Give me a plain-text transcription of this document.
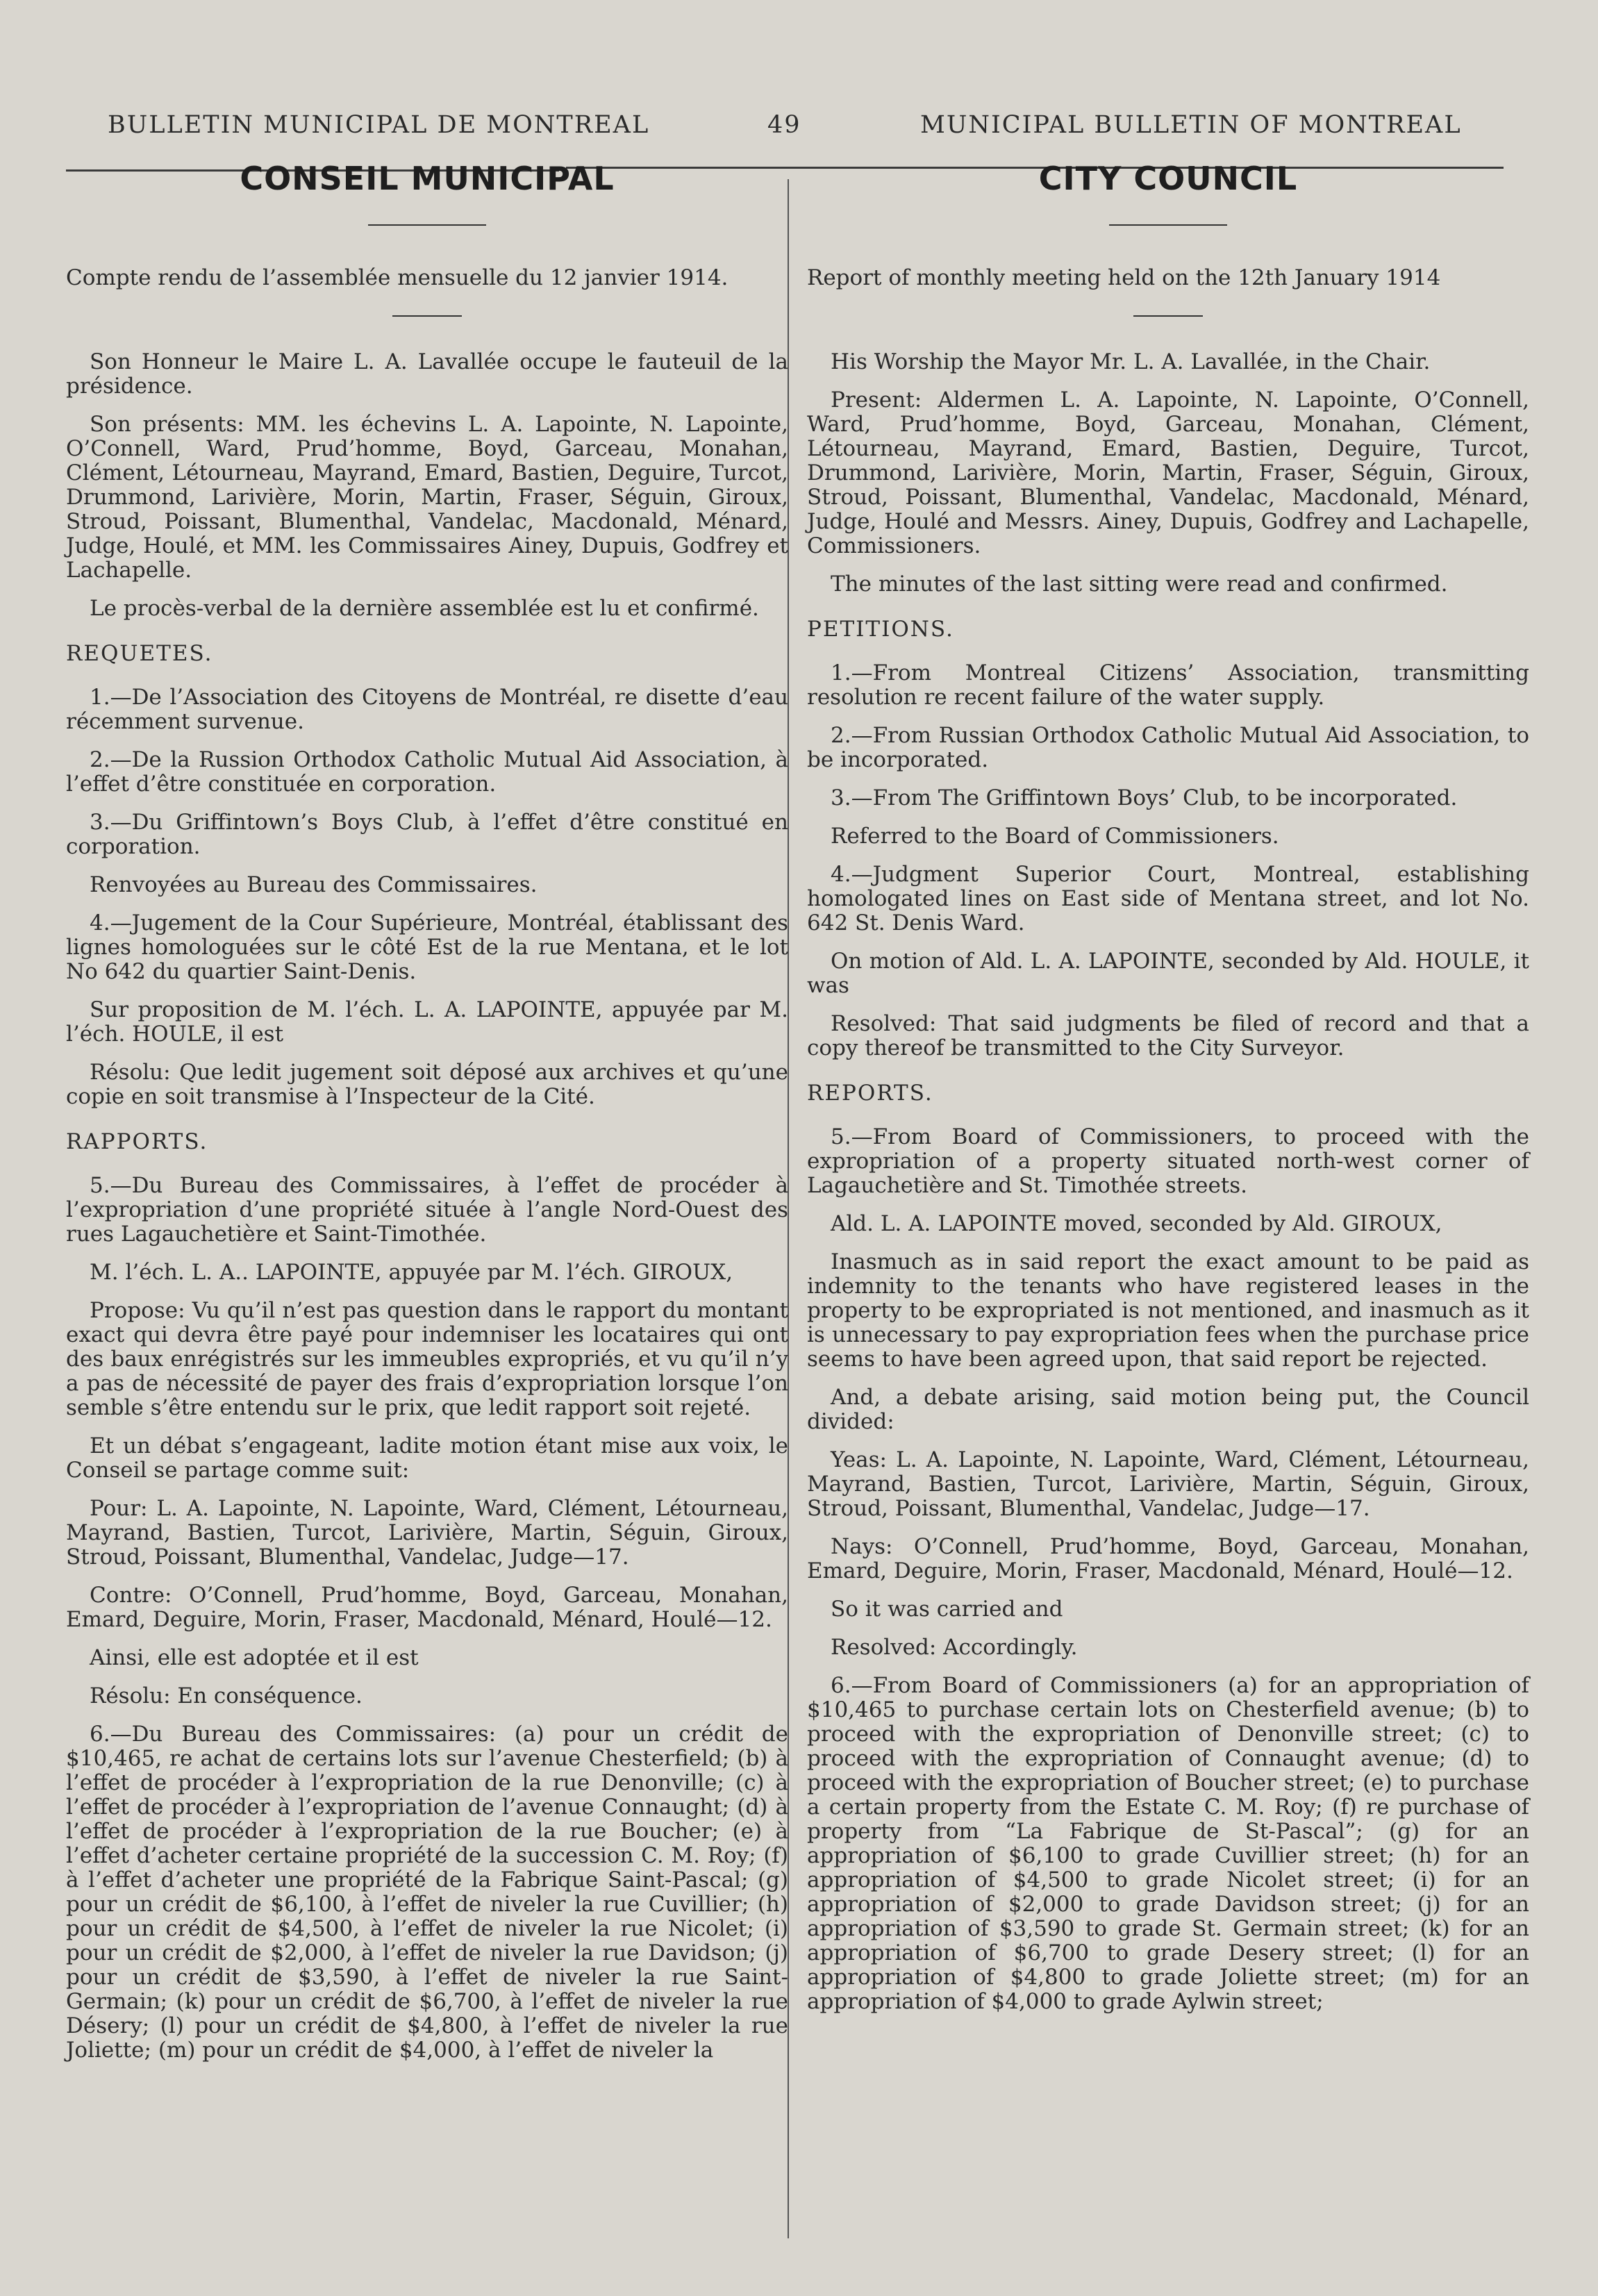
BULLETIN MUNICIPAL DE MONTREAL	49	MUNICIPAL BULLETIN OF MONTREAL

CONSEIL MUNICIPAL

Compte rendu de l’assemblée mensuelle du 12 janvier 1914.

Son Honneur le Maire L. A. Lavallée occupe le fauteuil de la présidence.

Son présents: MM. les échevins L. A. Lapointe, N. Lapointe, O’Connell, Ward, Prud’homme, Boyd, Garceau, Monahan, Clément, Létourneau, Mayrand, Emard, Bastien, Deguire, Turcot, Drummond, Larivière, Morin, Martin, Fraser, Séguin, Giroux, Stroud, Poissant, Blumenthal, Vandelac, Macdonald, Ménard, Judge, Houlé, et MM. les Commissaires Ainey, Dupuis, Godfrey et Lachapelle.

Le procès-verbal de la dernière assemblée est lu et confirmé.

REQUETES.

1.—De l’Association des Citoyens de Montréal, re disette d’eau récemment survenue.

2.—De la Russion Orthodox Catholic Mutual Aid Association, à l’effet d’être constituée en corporation.

3.—Du Griffintown’s Boys Club, à l’effet d’être constitué en corporation.

Renvoyées au Bureau des Commissaires.

4.—Jugement de la Cour Supérieure, Montréal, établissant des lignes homologuées sur le côté Est de la rue Mentana, et le lot No 642 du quartier Saint-Denis.

Sur proposition de M. l’éch. L. A. LAPOINTE, appuyée par M. l’éch. HOULE, il est

Résolu: Que ledit jugement soit déposé aux archives et qu’une copie en soit transmise à l’Inspecteur de la Cité.

RAPPORTS.

5.—Du Bureau des Commissaires, à l’effet de procéder à l’expropriation d’une propriété située à l’angle Nord-Ouest des rues Lagauchetière et Saint-Timothée.

M. l’éch. L. A.. LAPOINTE, appuyée par M. l’éch. GIROUX,

Propose: Vu qu’il n’est pas question dans le rapport du montant exact qui devra être payé pour indemniser les locataires qui ont des baux enrégistrés sur les immeubles expropriés, et vu qu’il n’y a pas de nécessité de payer des frais d’expropriation lorsque l’on semble s’être entendu sur le prix, que ledit rapport soit rejeté.

Et un débat s’engageant, ladite motion étant mise aux voix, le Conseil se partage comme suit:

Pour: L. A. Lapointe, N. Lapointe, Ward, Clément, Létourneau, Mayrand, Bastien, Turcot, Larivière, Martin, Séguin, Giroux, Stroud, Poissant, Blumenthal, Vandelac, Judge—17.

Contre: O’Connell, Prud’homme, Boyd, Garceau, Monahan, Emard, Deguire, Morin, Fraser, Macdonald, Ménard, Houlé—12.

Ainsi, elle est adoptée et il est

Résolu: En conséquence.

6.—Du Bureau des Commissaires: (a) pour un crédit de $10,465, re achat de certains lots sur l’avenue Chesterfield; (b) à l’effet de procéder à l’expropriation de la rue Denonville; (c) à l’effet de procéder à l’expropriation de l’avenue Connaught; (d) à l’effet de procéder à l’expropriation de la rue Boucher; (e) à l’effet d’acheter certaine propriété de la succession C. M. Roy; (f) à l’effet d’acheter une propriété de la Fabrique Saint-Pascal; (g) pour un crédit de $6,100, à l’effet de niveler la rue Cuvillier; (h) pour un crédit de $4,500, à l’effet de niveler la rue Nicolet; (i) pour un crédit de $2,000, à l’effet de niveler la rue Davidson; (j) pour un crédit de $3,590, à l’effet de niveler la rue Saint-Germain; (k) pour un crédit de $6,700, à l’effet de niveler la rue Désery; (l) pour un crédit de $4,800, à l’effet de niveler la rue Joliette; (m) pour un crédit de $4,000, à l’effet de niveler la

CITY COUNCIL

Report of monthly meeting held on the 12th January 1914

His Worship the Mayor Mr. L. A. Lavallée, in the Chair.

Present: Aldermen L. A. Lapointe, N. Lapointe, O’Connell, Ward, Prud’homme, Boyd, Garceau, Monahan, Clément, Létourneau, Mayrand, Emard, Bastien, Deguire, Turcot, Drummond, Larivière, Morin, Martin, Fraser, Séguin, Giroux, Stroud, Poissant, Blumenthal, Vandelac, Macdonald, Ménard, Judge, Houlé and Messrs. Ainey, Dupuis, Godfrey and Lachapelle, Commissioners.

The minutes of the last sitting were read and confirmed.

PETITIONS.

1.—From Montreal Citizens’ Association, transmitting resolution re recent failure of the water supply.

2.—From Russian Orthodox Catholic Mutual Aid Association, to be incorporated.

3.—From The Griffintown Boys’ Club, to be incorporated.

Referred to the Board of Commissioners.

4.—Judgment Superior Court, Montreal, establishing homologated lines on East side of Mentana street, and lot No. 642 St. Denis Ward.

On motion of Ald. L. A. LAPOINTE, seconded by Ald. HOULE, it was

Resolved: That said judgments be filed of record and that a copy thereof be transmitted to the City Surveyor.

REPORTS.

5.—From Board of Commissioners, to proceed with the expropriation of a property situated north-west corner of Lagauchetière and St. Timothée streets.

Ald. L. A. LAPOINTE moved, seconded by Ald. GIROUX,

Inasmuch as in said report the exact amount to be paid as indemnity to the tenants who have registered leases in the property to be expropriated is not mentioned, and inasmuch as it is unnecessary to pay expropriation fees when the purchase price seems to have been agreed upon, that said report be rejected.

And, a debate arising, said motion being put, the Council divided:

Yeas: L. A. Lapointe, N. Lapointe, Ward, Clément, Létourneau, Mayrand, Bastien, Turcot, Larivière, Martin, Séguin, Giroux, Stroud, Poissant, Blumenthal, Vandelac, Judge—17.

Nays: O’Connell, Prud’homme, Boyd, Garceau, Monahan, Emard, Deguire, Morin, Fraser, Macdonald, Ménard, Houlé—12.

So it was carried and

Resolved: Accordingly.

6.—From Board of Commissioners (a) for an appropriation of $10,465 to purchase certain lots on Chesterfield avenue; (b) to proceed with the expropriation of Denonville street; (c) to proceed with the expropriation of Connaught avenue; (d) to proceed with the expropriation of Boucher street; (e) to purchase a certain property from the Estate C. M. Roy; (f) re purchase of property from “La Fabrique de St-Pascal”; (g) for an appropriation of $6,100 to grade Cuvillier street; (h) for an appropriation of $4,500 to grade Nicolet street; (i) for an appropriation of $2,000 to grade Davidson street; (j) for an appropriation of $3,590 to grade St. Germain street; (k) for an appropriation of $6,700 to grade Desery street; (l) for an appropriation of $4,800 to grade Joliette street; (m) for an appropriation of $4,000 to grade Aylwin street;
